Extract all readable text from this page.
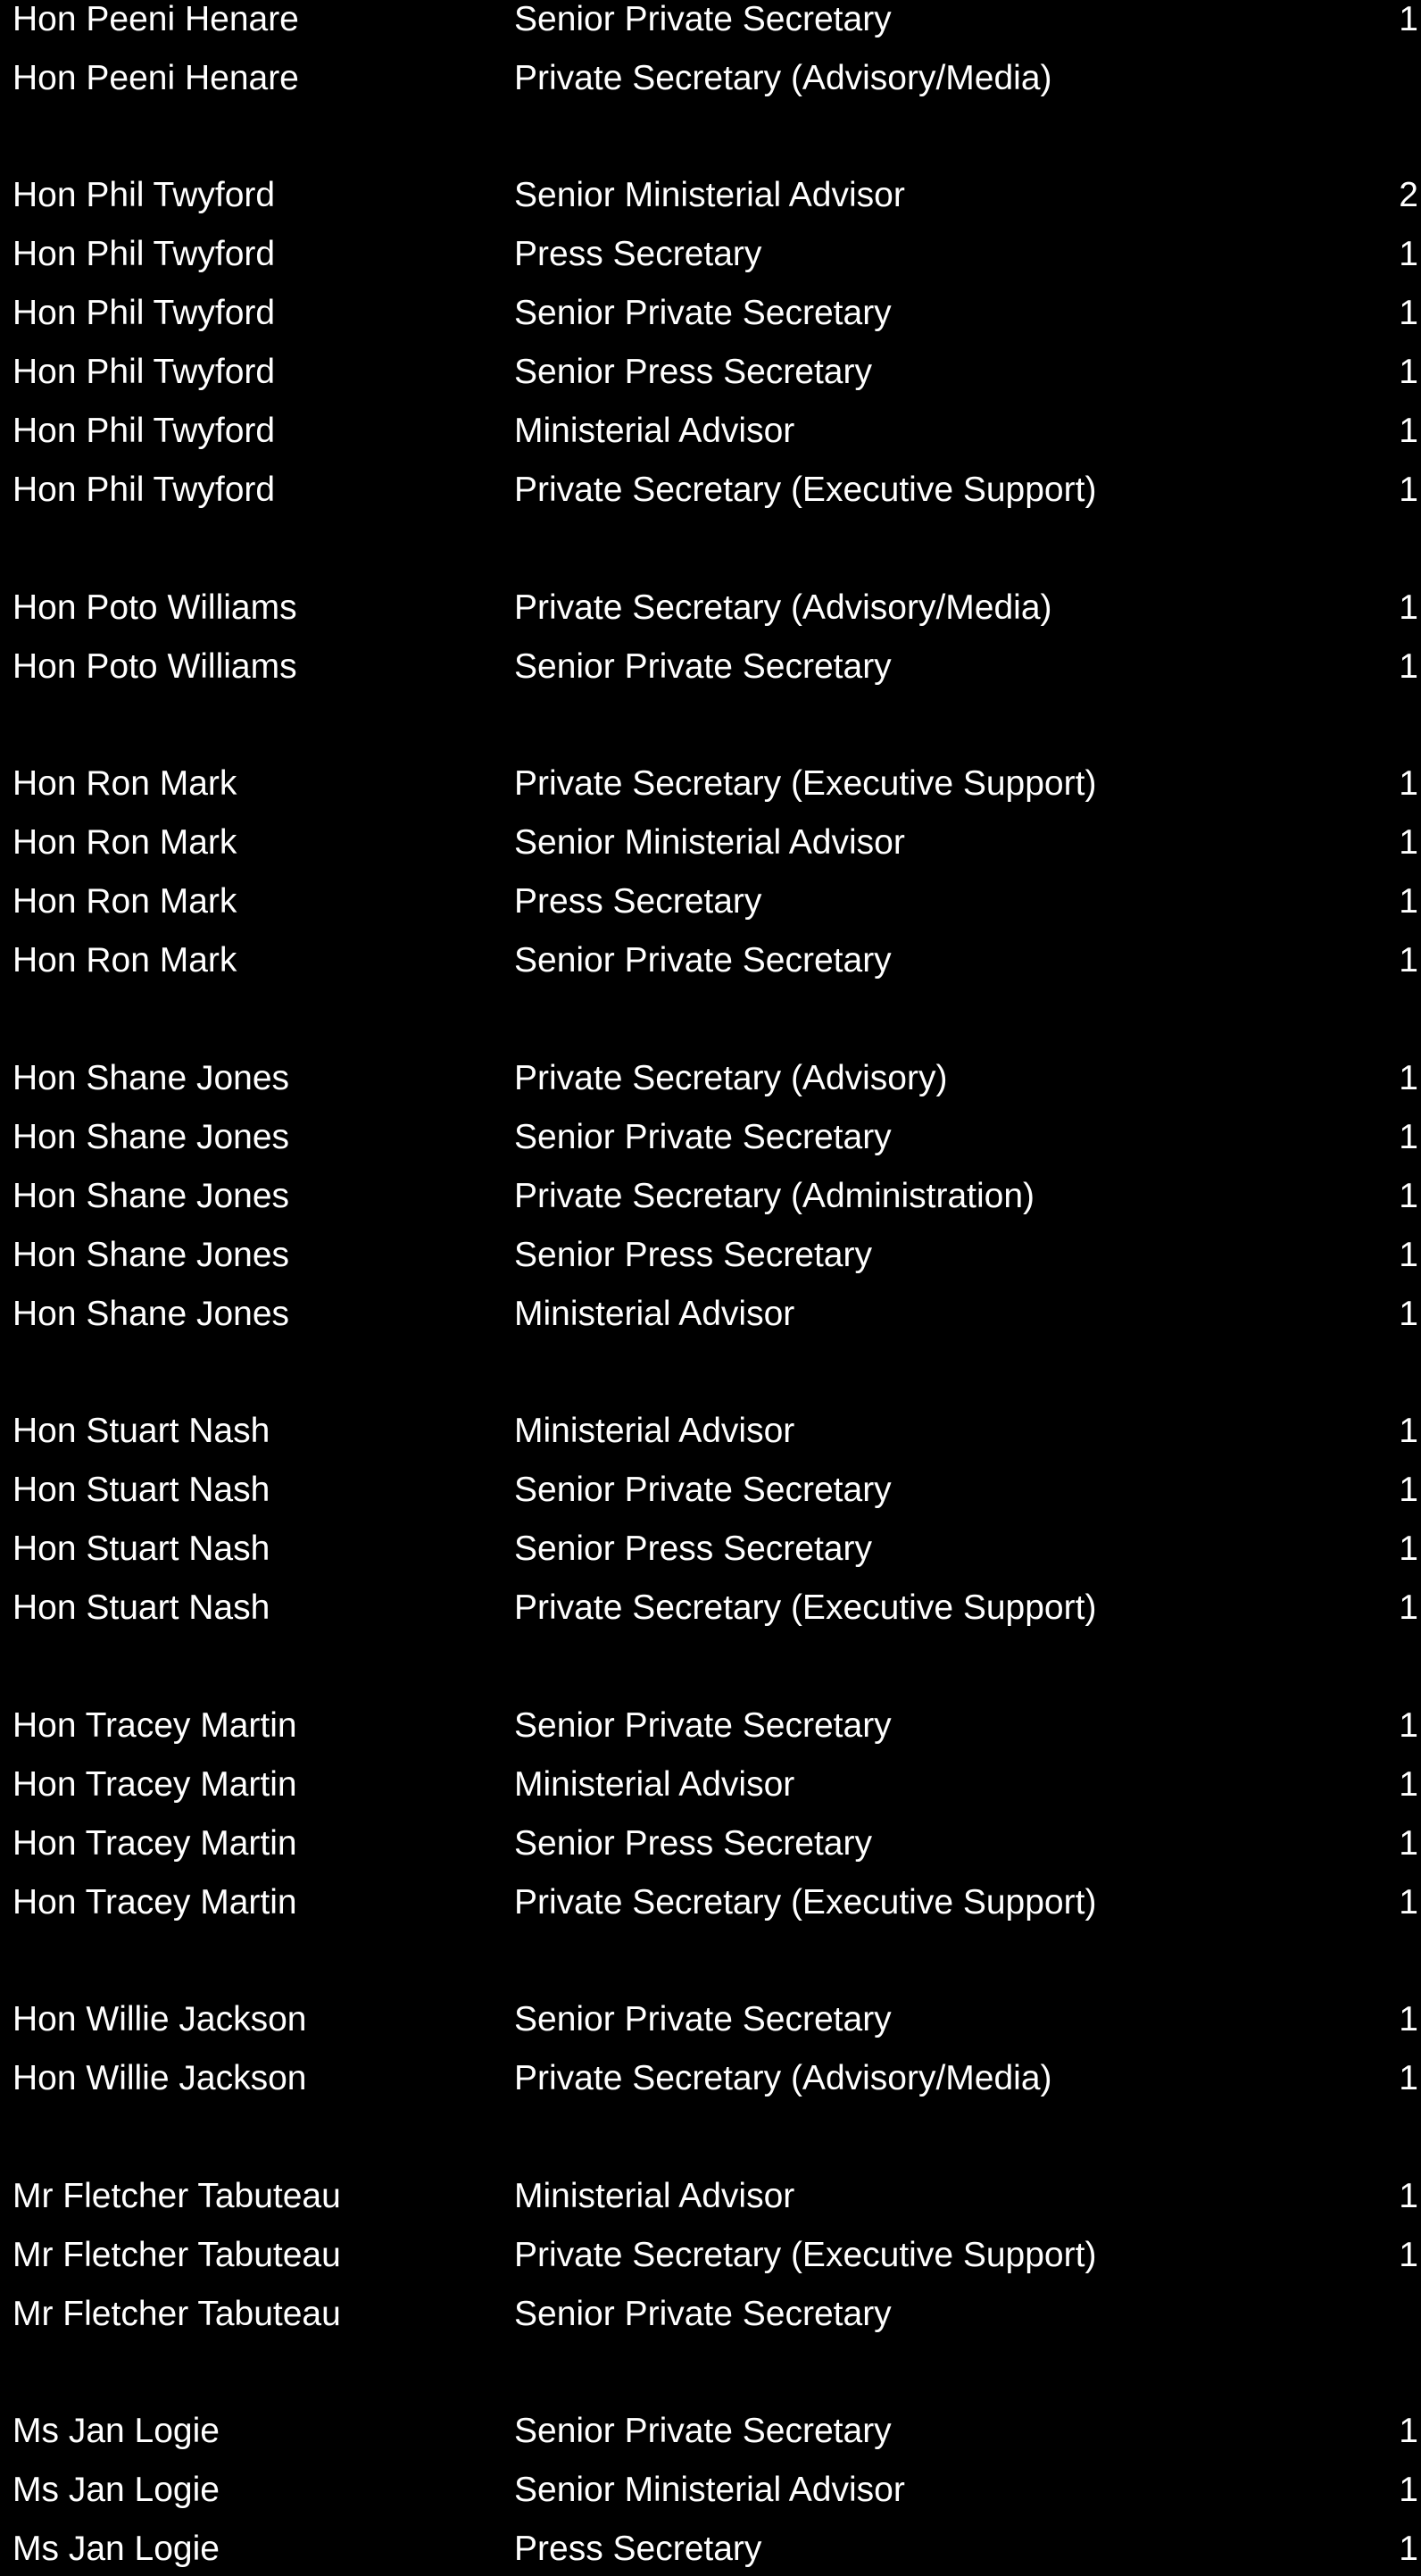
Hon Peeni Henare	Senior Private Secretary	1
Hon Peeni Henare	Private Secretary (Advisory/Media)
Hon Phil Twyford	Senior Ministerial Advisor	2
Hon Phil Twyford	Press Secretary	1
Hon Phil Twyford	Senior Private Secretary	1
Hon Phil Twyford	Senior Press Secretary	1
Hon Phil Twyford	Ministerial Advisor	1
Hon Phil Twyford	Private Secretary (Executive Support)	1
Hon Poto Williams	Private Secretary (Advisory/Media)	1
Hon Poto Williams	Senior Private Secretary	1
Hon Ron Mark	Private Secretary (Executive Support)	1
Hon Ron Mark	Senior Ministerial Advisor	1
Hon Ron Mark	Press Secretary	1
Hon Ron Mark	Senior Private Secretary	1
Hon Shane Jones	Private Secretary (Advisory)	1
Hon Shane Jones	Senior Private Secretary	1
Hon Shane Jones	Private Secretary (Administration)	1
Hon Shane Jones	Senior Press Secretary	1
Hon Shane Jones	Ministerial Advisor	1
Hon Stuart Nash	Ministerial Advisor	1
Hon Stuart Nash	Senior Private Secretary	1
Hon Stuart Nash	Senior Press Secretary	1
Hon Stuart Nash	Private Secretary (Executive Support)	1
Hon Tracey Martin	Senior Private Secretary	1
Hon Tracey Martin	Ministerial Advisor	1
Hon Tracey Martin	Senior Press Secretary	1
Hon Tracey Martin	Private Secretary (Executive Support)	1
Hon Willie Jackson	Senior Private Secretary	1
Hon Willie Jackson	Private Secretary (Advisory/Media)	1
Mr Fletcher Tabuteau	Ministerial Advisor	1
Mr Fletcher Tabuteau	Private Secretary (Executive Support)	1
Mr Fletcher Tabuteau	Senior Private Secretary
Ms Jan Logie	Senior Private Secretary	1
Ms Jan Logie	Senior Ministerial Advisor	1
Ms Jan Logie	Press Secretary	1
